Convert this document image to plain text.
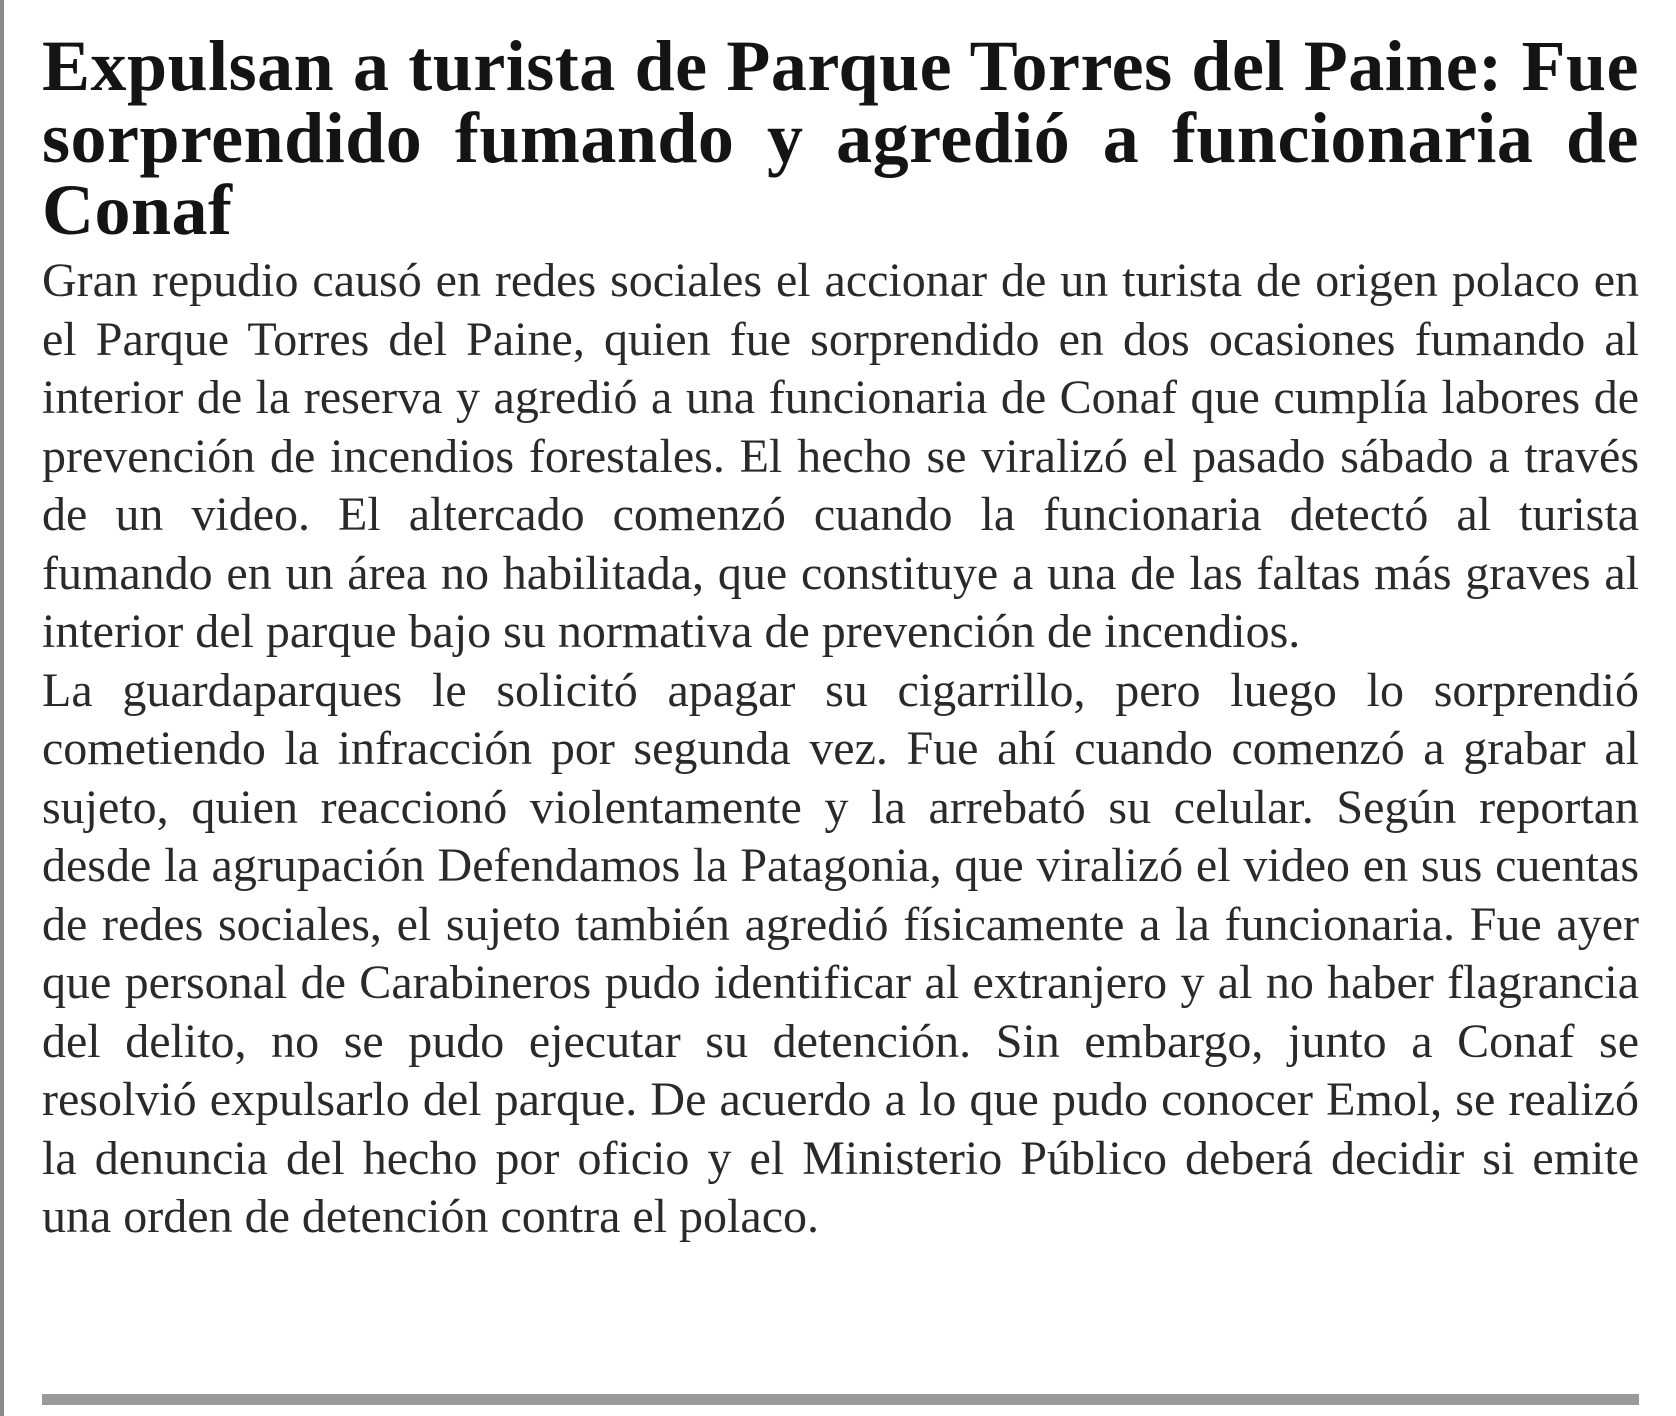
Expulsan a turista de Parque Torres del Paine: Fue sorprendido fumando y agredió a funcionaria de Conaf

Gran repudio causó en redes sociales el accionar de un turista de origen polaco en el Parque Torres del Paine, quien fue sorprendido en dos ocasiones fumando al interior de la reserva y agredió a una funcionaria de Conaf que cumplía labores de prevención de incendios forestales. El hecho se viralizó el pasado sábado a través de un video. El altercado comenzó cuando la funcionaria detectó al turista fumando en un área no habilitada, que constituye a una de las faltas más graves al interior del parque bajo su normativa de prevención de incendios.

La guardaparques le solicitó apagar su cigarrillo, pero luego lo sorprendió cometiendo la infracción por segunda vez. Fue ahí cuando comenzó a grabar al sujeto, quien reaccionó violentamente y la arrebató su celular. Según reportan desde la agrupación Defendamos la Patagonia, que viralizó el video en sus cuentas de redes sociales, el sujeto también agredió físicamente a la funcionaria. Fue ayer que personal de Carabineros pudo identificar al extranjero y al no haber flagrancia del delito, no se pudo ejecutar su detención. Sin embargo, junto a Conaf se resolvió expulsarlo del parque. De acuerdo a lo que pudo conocer Emol, se realizó la denuncia del hecho por oficio y el Ministerio Público deberá decidir si emite una orden de detención contra el polaco.
